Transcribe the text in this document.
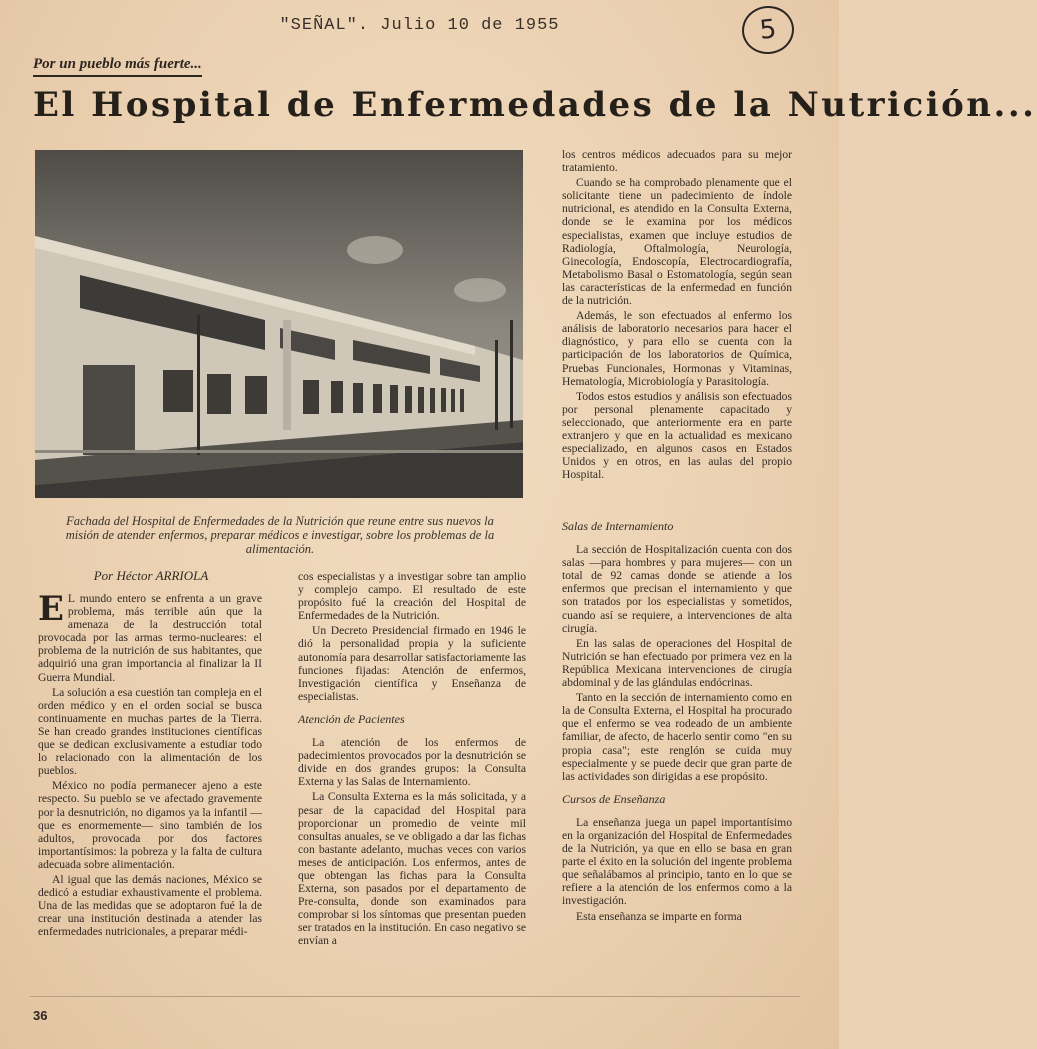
"SEÑAL". Julio 10 de 1955	5
Por un pueblo más fuerte...
El Hospital de Enfermedades de la Nutrición...
Fachada del Hospital de Enfermedades de la Nutrición que reune entre sus nuevos la misión de atender enfermos, preparar médicos e investigar, sobre los problemas de la alimentación.
Por Héctor ARRIOLA

E L mundo entero se enfrenta a un grave problema, más terrible aún que la amenaza de la destrucción total provocada por las armas termo-nucleares: el problema de la nutrición de sus habitantes, que adquirió una gran importancia al finalizar la II Guerra Mundial.

La solución a esa cuestión tan compleja en el orden médico y en el orden social se busca continuamente en muchas partes de la Tierra. Se han creado grandes instituciones científicas que se dedican exclusivamente a estudiar todo lo relacionado con la alimentación de los pueblos.

México no podía permanecer ajeno a este respecto. Su pueblo se ve afectado gravemente por la desnutrición, no digamos ya la infantil —que es enormemente— sino también de los adultos, provocada por dos factores importantísimos: la pobreza y la falta de cultura adecuada sobre alimentación.

Al igual que las demás naciones, México se dedicó a estudiar exhaustivamente el problema. Una de las medidas que se adoptaron fué la de crear una institución destinada a atender las enfermedades nutricionales, a preparar médi-

cos especialistas y a investigar sobre tan amplio y complejo campo. El resultado de este propósito fué la creación del Hospital de Enfermedades de la Nutrición.

Un Decreto Presidencial firmado en 1946 le dió la personalidad propia y la suficiente autonomía para desarrollar satisfactoriamente las funciones fijadas: Atención de enfermos, Investigación científica y Enseñanza de especialistas.

Atención de Pacientes

La atención de los enfermos de padecimientos provocados por la desnutrición se divide en dos grandes grupos: la Consulta Externa y las Salas de Internamiento.

La Consulta Externa es la más solicitada, y a pesar de la capacidad del Hospital para proporcionar un promedio de veinte mil consultas anuales, se ve obligado a dar las fichas con bastante adelanto, muchas veces con varios meses de anticipación. Los enfermos, antes de que obtengan las fichas para la Consulta Externa, son pasados por el departamento de Pre-consulta, donde son examinados para comprobar si los síntomas que presentan pueden ser tratados en la institución. En caso negativo se envían a

los centros médicos adecuados para su mejor tratamiento.

Cuando se ha comprobado plenamente que el solicitante tiene un padecimiento de índole nutricional, es atendido en la Consulta Externa, donde se le examina por los médicos especialistas, examen que incluye estudios de Radiología, Oftalmología, Neurología, Ginecología, Endoscopía, Electrocardiografía, Metabolismo Basal o Estomatología, según sean las características de la enfermedad en función de la nutrición.

Además, le son efectuados al enfermo los análisis de laboratorio necesarios para hacer el diagnóstico, y para ello se cuenta con la participación de los laboratorios de Química, Pruebas Funcionales, Hormonas y Vitaminas, Hematología, Microbiología y Parasitología.

Todos estos estudios y análisis son efectuados por personal plenamente capacitado y seleccionado, que anteriormente era en parte extranjero y que en la actualidad es mexicano especializado, en algunos casos en Estados Unidos y en otros, en las aulas del propio Hospital.

Salas de Internamiento

La sección de Hospitalización cuenta con dos salas —para hombres y para mujeres— con un total de 92 camas donde se atiende a los enfermos que precisan el internamiento y que son tratados por los especialistas y sometidos, cuando así se requiere, a intervenciones de alta cirugía.

En las salas de operaciones del Hospital de Nutrición se han efectuado por primera vez en la República Mexicana intervenciones de cirugía abdominal y de las glándulas endócrinas.

Tanto en la sección de internamiento como en la de Consulta Externa, el Hospital ha procurado que el enfermo se vea rodeado de un ambiente familiar, de afecto, de hacerlo sentir como "en su propia casa"; este renglón se cuida muy especialmente y se puede decir que gran parte de las actividades son dirigidas a ese propósito.

Cursos de Enseñanza

La enseñanza juega un papel importantísimo en la organización del Hospital de Enfermedades de la Nutrición, ya que en ello se basa en gran parte el éxito en la solución del ingente problema que señalábamos al principio, tanto en lo que se refiere a la atención de los enfermos como a la investigación.

Esta enseñanza se imparte en forma

36
